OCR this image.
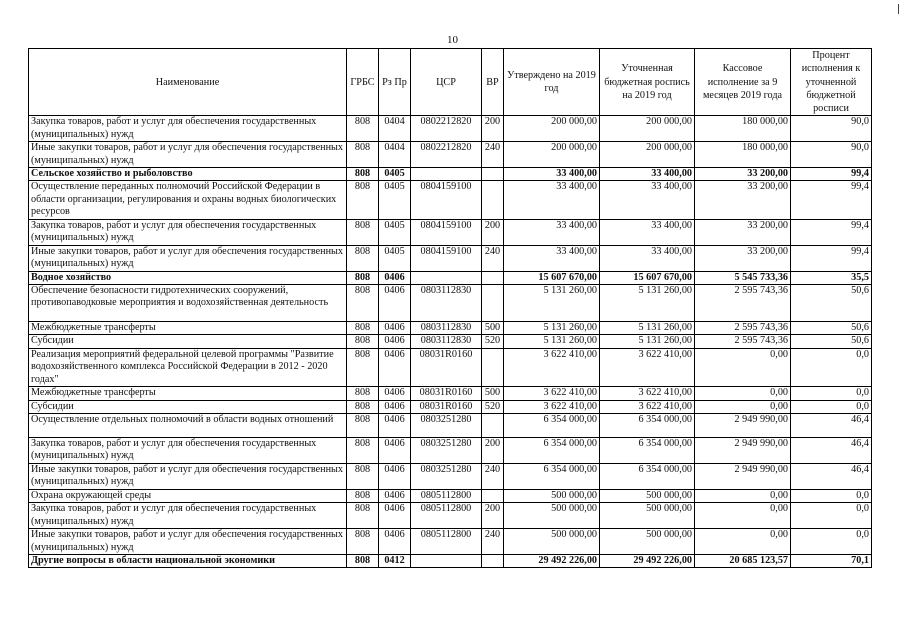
10
Наименование	ГРБС	Рз Пр	ЦСР	ВР	Утверждено на 2019 год	Уточненная бюджетная роспись на 2019 год	Кассовое исполнение за 9 месяцев 2019 года	Процент исполнения к уточненной бюджетной росписи
Закупка товаров, работ и услуг для обеспечения государственных (муниципальных) нужд	808	0404	0802212820	200	200 000,00	200 000,00	180 000,00	90,0
Иные закупки товаров, работ и услуг для обеспечения государственных (муниципальных) нужд	808	0404	0802212820	240	200 000,00	200 000,00	180 000,00	90,0
Сельское хозяйство и рыболовство	808	0405			33 400,00	33 400,00	33 200,00	99,4
Осуществление переданных полномочий Российской Федерации в области организации, регулирования и охраны водных биологических ресурсов	808	0405	0804159100		33 400,00	33 400,00	33 200,00	99,4
Закупка товаров, работ и услуг для обеспечения государственных (муниципальных) нужд	808	0405	0804159100	200	33 400,00	33 400,00	33 200,00	99,4
Иные закупки товаров, работ и услуг для обеспечения государственных (муниципальных) нужд	808	0405	0804159100	240	33 400,00	33 400,00	33 200,00	99,4
Водное хозяйство	808	0406			15 607 670,00	15 607 670,00	5 545 733,36	35,5
Обеспечение безопасности гидротехнических сооружений, противопаводковые мероприятия и водохозяйственная деятельность	808	0406	0803112830		5 131 260,00	5 131 260,00	2 595 743,36	50,6
Межбюджетные трансферты	808	0406	0803112830	500	5 131 260,00	5 131 260,00	2 595 743,36	50,6
Субсидии	808	0406	0803112830	520	5 131 260,00	5 131 260,00	2 595 743,36	50,6
Реализация мероприятий федеральной целевой программы "Развитие водохозяйственного комплекса Российской Федерации в 2012 - 2020 годах"	808	0406	08031R0160		3 622 410,00	3 622 410,00	0,00	0,0
Межбюджетные трансферты	808	0406	08031R0160	500	3 622 410,00	3 622 410,00	0,00	0,0
Субсидии	808	0406	08031R0160	520	3 622 410,00	3 622 410,00	0,00	0,0
Осуществление отдельных полномочий в области водных отношений	808	0406	0803251280		6 354 000,00	6 354 000,00	2 949 990,00	46,4
Закупка товаров, работ и услуг для обеспечения государственных (муниципальных) нужд	808	0406	0803251280	200	6 354 000,00	6 354 000,00	2 949 990,00	46,4
Иные закупки товаров, работ и услуг для обеспечения государственных (муниципальных) нужд	808	0406	0803251280	240	6 354 000,00	6 354 000,00	2 949 990,00	46,4
Охрана окружающей среды	808	0406	0805112800		500 000,00	500 000,00	0,00	0,0
Закупка товаров, работ и услуг для обеспечения государственных (муниципальных) нужд	808	0406	0805112800	200	500 000,00	500 000,00	0,00	0,0
Иные закупки товаров, работ и услуг для обеспечения государственных (муниципальных) нужд	808	0406	0805112800	240	500 000,00	500 000,00	0,00	0,0
Другие вопросы в области национальной экономики	808	0412			29 492 226,00	29 492 226,00	20 685 123,57	70,1
